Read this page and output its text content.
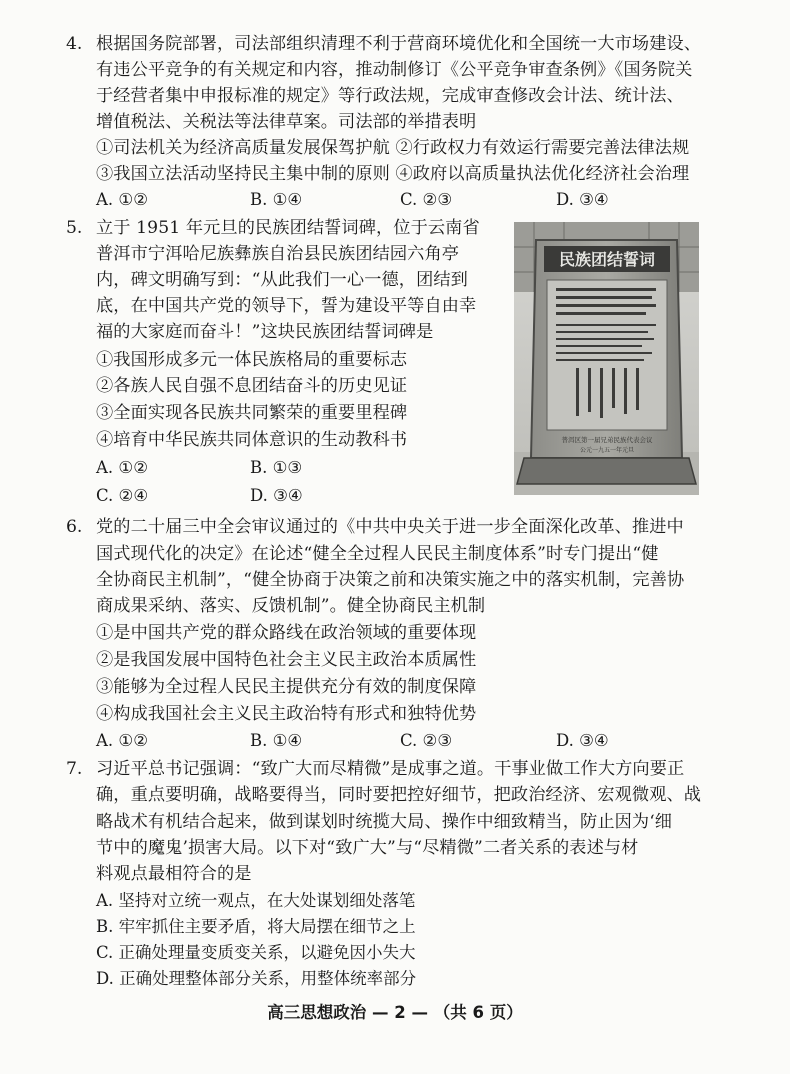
4. 根据国务院部署，司法部组织清理不利于营商环境优化和全国统一大市场建设、
有违公平竞争的有关规定和内容，推动制修订《公平竞争审查条例》《国务院关
于经营者集中申报标准的规定》等行政法规，完成审查修改会计法、统计法、
增值税法、关税法等法律草案。司法部的举措表明
①司法机关为经济高质量发展保驾护航 ②行政权力有效运行需要完善法律法规
③我国立法活动坚持民主集中制的原则 ④政府以高质量执法优化经济社会治理
A. ①②	B. ①④	C. ②③	D. ③④
5. 立于 1951 年元旦的民族团结誓词碑，位于云南省
普洱市宁洱哈尼族彝族自治县民族团结园六角亭
内，碑文明确写到：“从此我们一心一德，团结到
底，在中国共产党的领导下，誓为建设平等自由幸
福的大家庭而奋斗！”这块民族团结誓词碑是
①我国形成多元一体民族格局的重要标志
②各族人民自强不息团结奋斗的历史见证
③全面实现各民族共同繁荣的重要里程碑
④培育中华民族共同体意识的生动教科书
A. ①②	B. ①③
C. ②④	D. ③④
民族团结誓词
普洱区第一届兄弟民族代表会议
公元一九五一年元旦
6. 党的二十届三中全会审议通过的《中共中央关于进一步全面深化改革、推进中
国式现代化的决定》在论述“健全全过程人民民主制度体系”时专门提出“健
全协商民主机制”，“健全协商于决策之前和决策实施之中的落实机制，完善协
商成果采纳、落实、反馈机制”。健全协商民主机制
①是中国共产党的群众路线在政治领域的重要体现
②是我国发展中国特色社会主义民主政治本质属性
③能够为全过程人民民主提供充分有效的制度保障
④构成我国社会主义民主政治特有形式和独特优势
A. ①②	B. ①④	C. ②③	D. ③④
7. 习近平总书记强调：“致广大而尽精微”是成事之道。干事业做工作大方向要正
确，重点要明确，战略要得当，同时要把控好细节，把政治经济、宏观微观、战
略战术有机结合起来，做到谋划时统揽大局、操作中细致精当，防止因为‘细
节中的魔鬼’损害大局。以下对“致广大”与“尽精微”二者关系的表述与材
料观点最相符合的是
A. 坚持对立统一观点，在大处谋划细处落笔
B. 牢牢抓住主要矛盾，将大局摆在细节之上
C. 正确处理量变质变关系，以避免因小失大
D. 正确处理整体部分关系，用整体统率部分
高三思想政治 — 2 — （共 6 页）
